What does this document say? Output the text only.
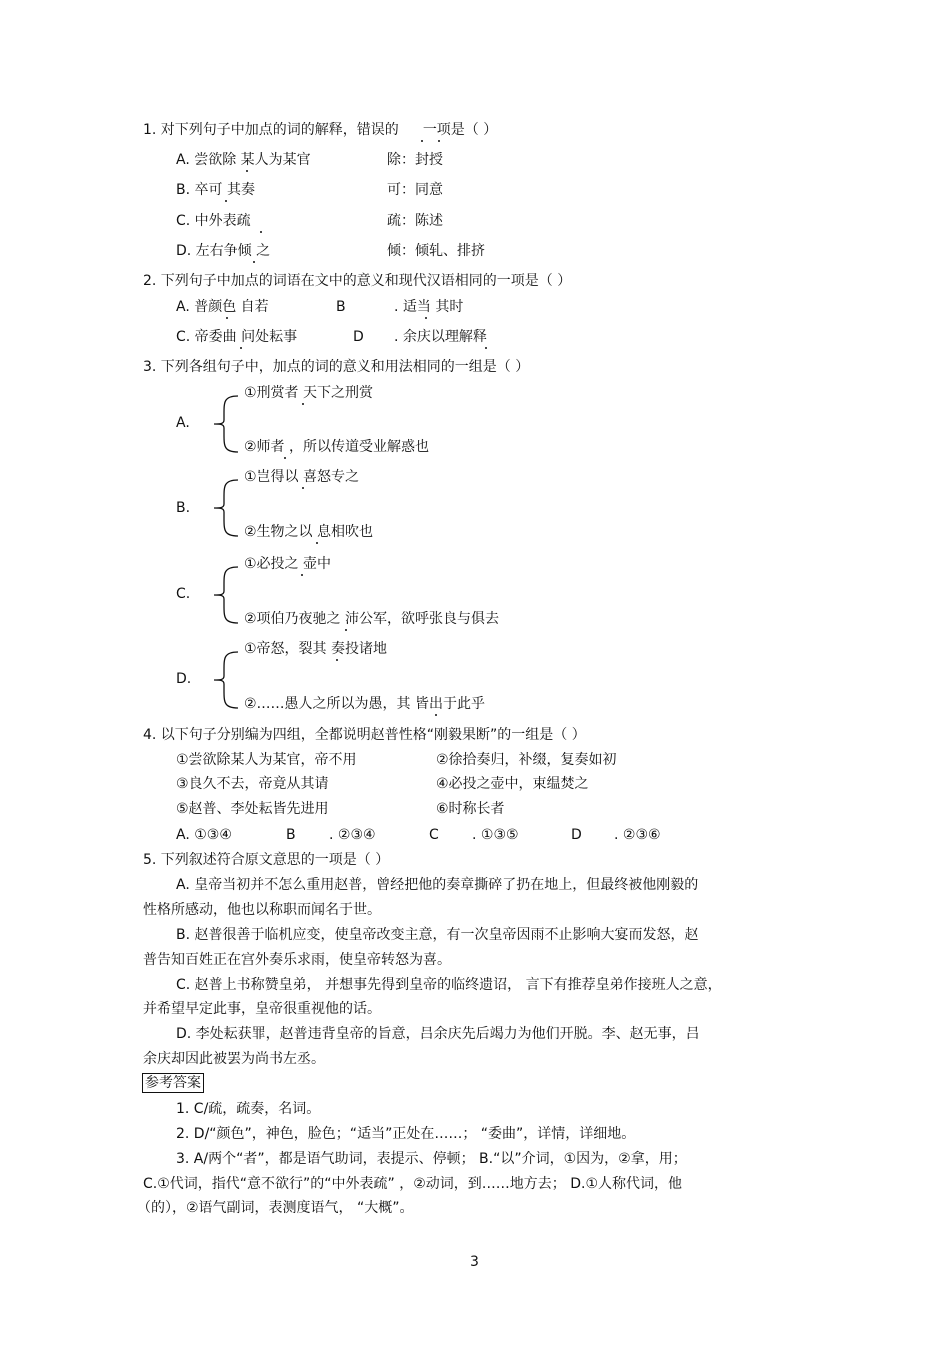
1. 对下列句子中加点的词的解释，错误的 一项是（ ）
A. 尝欲除 某人为某官	除：封授
B. 卒可 其奏	可：同意
C. 中外表疏	疏：陈述
D. 左右争倾 之	倾：倾轧、排挤
2. 下列句子中加点的词语在文中的意义和现代汉语相同的一项是（ ）
A. 普颜色 自若	B	. 适当 其时
C. 帝委曲 问处耘事	D . 余庆以理解释
3. 下列各组句子中，加点的词的意义和用法相同的一组是（ ）
①刑赏者 天下之刑赏
A.
②师者 ，所以传道受业解惑也
①岂得以 喜怒专之
B.
②生物之以 息相吹也
①必投之 壶中
C.
②项伯乃夜驰之 沛公军，欲呼张良与俱去
①帝怒，裂其 奏投诸地
D.
②……愚人之所以为愚，其 皆出于此乎
4. 以下句子分别编为四组，全都说明赵普性格“刚毅果断”的一组是（ ）
①尝欲除某人为某官，帝不用	②徐拾奏归，补缀，复奏如初
③良久不去，帝竟从其请	④必投之壶中，束缊焚之
⑤赵普、李处耘皆先进用	⑥时称长者
A. ①③④	B . ②③④	C . ①③⑤	D . ②③⑥
5. 下列叙述符合原文意思的一项是（ ）
A. 皇帝当初并不怎么重用赵普，曾经把他的奏章撕碎了扔在地上，但最终被他刚毅的
性格所感动，他也以称职而闻名于世。
B. 赵普很善于临机应变，使皇帝改变主意，有一次皇帝因雨不止影响大宴而发怒，赵
普告知百姓正在宫外奏乐求雨，使皇帝转怒为喜。
C. 赵普上书称赞皇弟， 并想事先得到皇帝的临终遗诏， 言下有推荐皇弟作接班人之意，
并希望早定此事，皇帝很重视他的话。
D. 李处耘获罪，赵普违背皇帝的旨意，吕余庆先后竭力为他们开脱。李、赵无事，吕
余庆却因此被罢为尚书左丞。
参考答案
1. C/疏，疏奏，名词。
2. D/“颜色”，神色，脸色；“适当”正处在……； “委曲”，详情，详细地。
3. A/两个“者”，都是语气助词，表提示、停顿； B.“以”介词，①因为，②拿，用；
C.①代词，指代“意不欲行”的“中外表疏” ，②动词，到……地方去； D.①人称代词，他
（的），②语气副词，表测度语气， “大概”。
3
